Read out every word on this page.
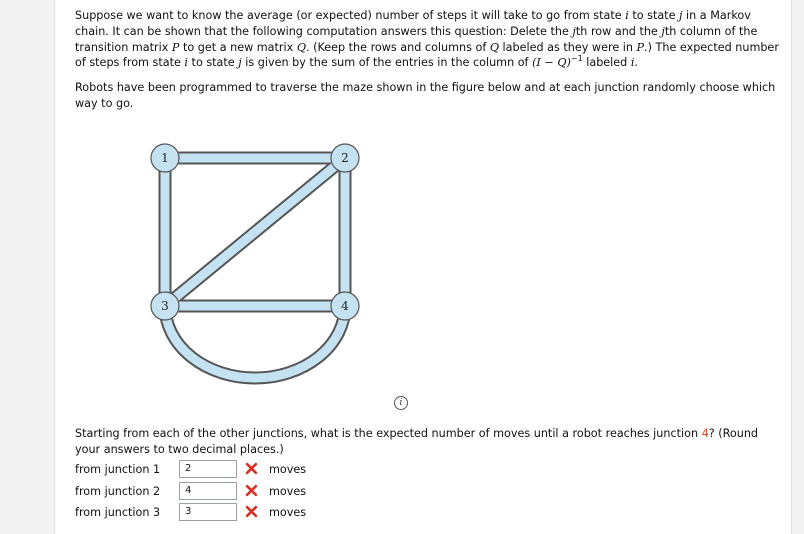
Suppose we want to know the average (or expected) number of steps it will take to go from state i to state j in a Markov chain. It can be shown that the following computation answers this question: Delete the jth row and the jth column of the transition matrix P to get a new matrix Q. (Keep the rows and columns of Q labeled as they were in P.) The expected number of steps from state i to state j is given by the sum of the entries in the column of $(I - Q)^{-1}$ labeled i.

Robots have been programmed to traverse the maze shown in the figure below and at each junction randomly choose which way to go.

1	2
3	4
i

Starting from each of the other junctions, what is the expected number of moves until a robot reaches junction 4? (Round your answers to two decimal places.)

from junction 1	2	moves
from junction 2	4	moves
from junction 3	3	moves
